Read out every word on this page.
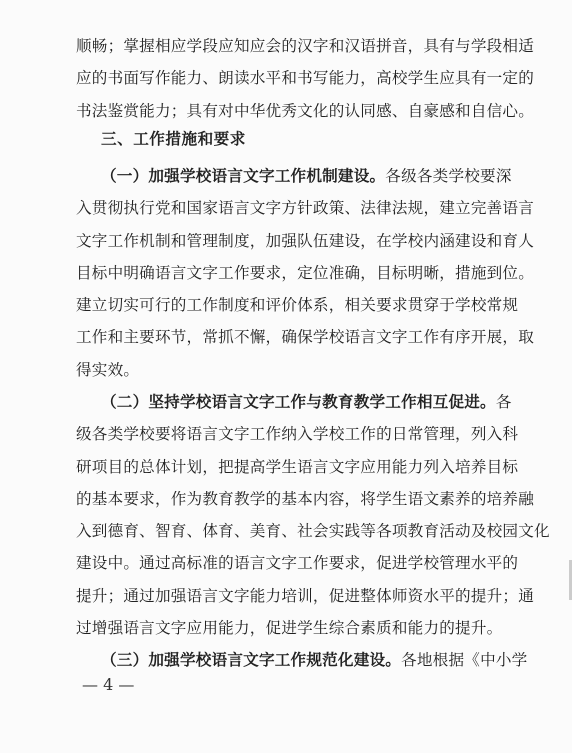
顺畅；掌握相应学段应知应会的汉字和汉语拼音，具有与学段相适
应的书面写作能力、朗读水平和书写能力，高校学生应具有一定的
书法鉴赏能力；具有对中华优秀文化的认同感、自豪感和自信心。
三、工作措施和要求
（一）加强学校语言文字工作机制建设。各级各类学校要深
入贯彻执行党和国家语言文字方针政策、法律法规，建立完善语言
文字工作机制和管理制度，加强队伍建设，在学校内涵建设和育人
目标中明确语言文字工作要求，定位准确，目标明晰，措施到位。
建立切实可行的工作制度和评价体系，相关要求贯穿于学校常规
工作和主要环节，常抓不懈，确保学校语言文字工作有序开展，取
得实效。
（二）坚持学校语言文字工作与教育教学工作相互促进。各
级各类学校要将语言文字工作纳入学校工作的日常管理，列入科
研项目的总体计划，把提高学生语言文字应用能力列入培养目标
的基本要求，作为教育教学的基本内容，将学生语文素养的培养融
入到德育、智育、体育、美育、社会实践等各项教育活动及校园文化
建设中。通过高标准的语言文字工作要求，促进学校管理水平的
提升；通过加强语言文字能力培训，促进整体师资水平的提升；通
过增强语言文字应用能力，促进学生综合素质和能力的提升。
（三）加强学校语言文字工作规范化建设。各地根据《中小学
— 4 —
